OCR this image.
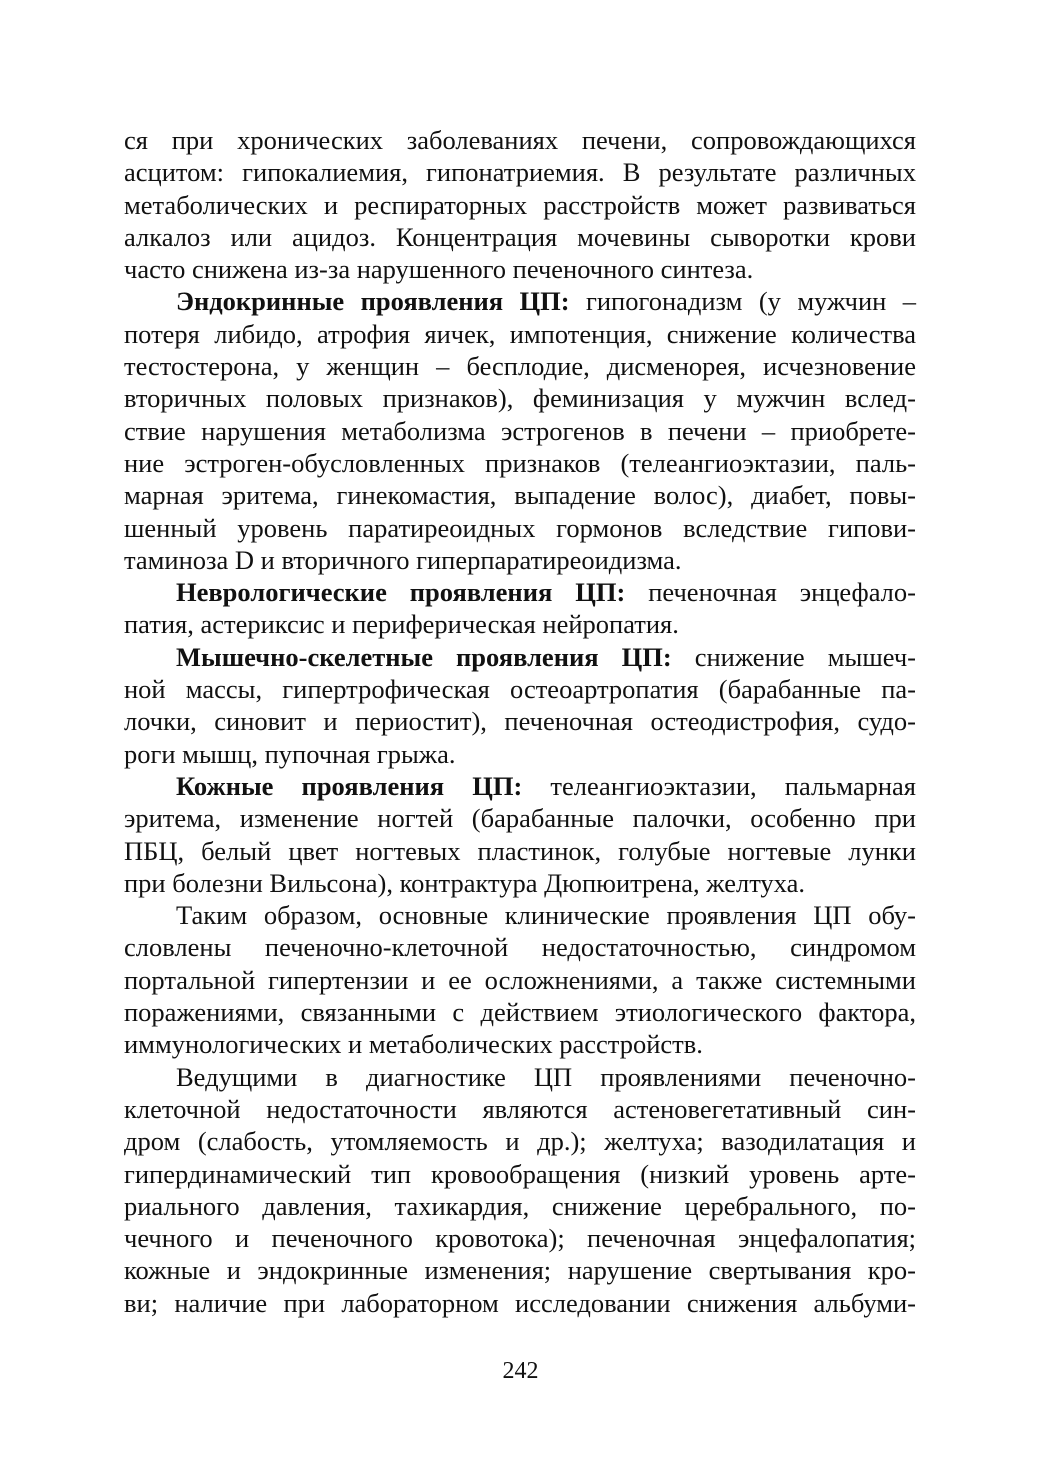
ся при хронических заболеваниях печени, сопровождающихся
асцитом: гипокалиемия, гипонатриемия. В результате различных
метаболических и респираторных расстройств может развиваться
алкалоз или ацидоз. Концентрация мочевины сыворотки крови
часто снижена из-за нарушенного печеночного синтеза.
Эндокринные проявления ЦП: гипогонадизм (у мужчин –
потеря либидо, атрофия яичек, импотенция, снижение количества
тестостерона, у женщин – бесплодие, дисменорея, исчезновение
вторичных половых признаков), феминизация у мужчин вслед-
ствие нарушения метаболизма эстрогенов в печени – приобрете-
ние эстроген-обусловленных признаков (телеангиоэктазии, паль-
марная эритема, гинекомастия, выпадение волос), диабет, повы-
шенный уровень паратиреоидных гормонов вследствие гипови-
таминоза D и вторичного гиперпаратиреоидизма.
Неврологические проявления ЦП: печеночная энцефало-
патия, астериксис и периферическая нейропатия.
Мышечно-скелетные проявления ЦП: снижение мышеч-
ной массы, гипертрофическая остеоартропатия (барабанные па-
лочки, синовит и периостит), печеночная остеодистрофия, судо-
роги мышц, пупочная грыжа.
Кожные проявления ЦП: телеангиоэктазии, пальмарная
эритема, изменение ногтей (барабанные палочки, особенно при
ПБЦ, белый цвет ногтевых пластинок, голубые ногтевые лунки
при болезни Вильсона), контрактура Дюпюитрена, желтуха.
Таким образом, основные клинические проявления ЦП обу-
словлены печеночно-клеточной недостаточностью, синдромом
портальной гипертензии и ее осложнениями, а также системными
поражениями, связанными с действием этиологического фактора,
иммунологических и метаболических расстройств.
Ведущими в диагностике ЦП проявлениями печеночно-
клеточной недостаточности являются астеновегетативный син-
дром (слабость, утомляемость и др.); желтуха; вазодилатация и
гипердинамический тип кровообращения (низкий уровень арте-
риального давления, тахикардия, снижение церебрального, по-
чечного и печеночного кровотока); печеночная энцефалопатия;
кожные и эндокринные изменения; нарушение свертывания кро-
ви; наличие при лабораторном исследовании снижения альбуми-
242
